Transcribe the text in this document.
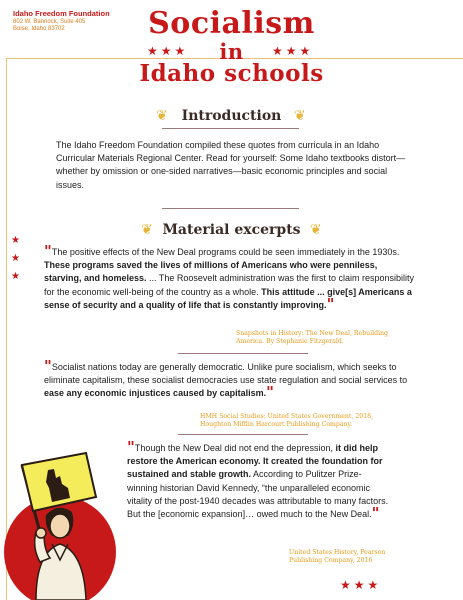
Idaho Freedom Foundation
802 W. Bannock, Suite 405
Boise, Idaho 83702	Socialism
in
Idaho schools
★★★	★★★
❦ Introduction ❦
The Idaho Freedom Foundation compiled these quotes from curricula in an Idaho Curricular Materials Regional Center. Read for yourself: Some Idaho textbooks distort—whether by omission or one-sided narratives—basic economic principles and social issues.
❦ Material excerpts ❦
★
★
★
"The positive effects of the New Deal programs could be seen immediately in the 1930s. These programs saved the lives of millions of Americans who were penniless, starving, and homeless. ... The Roosevelt administration was the first to claim responsibility for the economic well-being of the country as a whole. This attitude ... give[s] Americans a sense of security and a quality of life that is constantly improving."
Snapshots in History: The New Deal, Rebuilding
America. By Stephanie Fitzgerald.
"Socialist nations today are generally democratic. Unlike pure socialism, which seeks to eliminate capitalism, these socialist democracies use state regulation and social services to ease any economic injustices caused by capitalism."
HMH Social Studies: United States Government, 2018,
Houghton Mifflin Harcourt Publishing Company.
"Though the New Deal did not end the depression, it did help restore the American economy. It created the foundation for sustained and stable growth. According to Pulitzer Prize-winning historian David Kennedy, “the unparalleled economic vitality of the post-1940 decades was attributable to many factors. But the [economic expansion]… owed much to the New Deal."
United States History, Pearson
Publishing Company, 2016
★★★
